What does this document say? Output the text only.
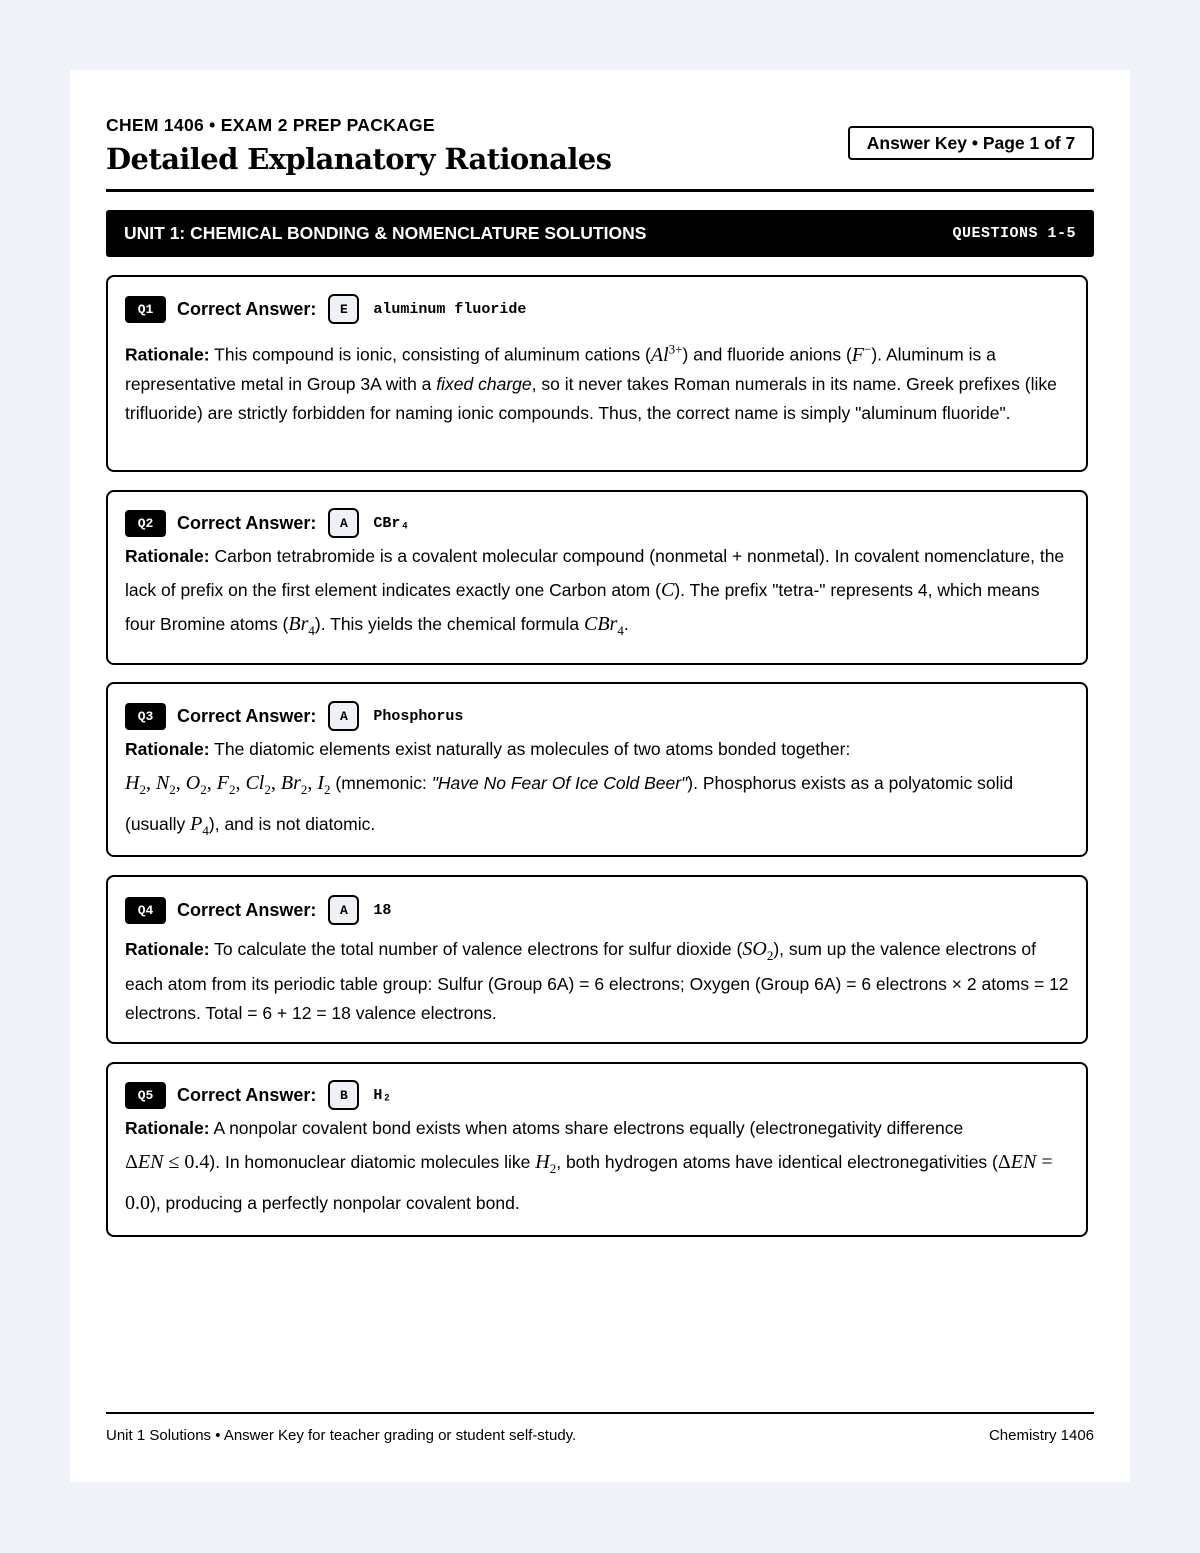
CHEM 1406 • EXAM 2 PREP PACKAGE
Detailed Explanatory Rationales	Answer Key • Page 1 of 7
UNIT 1: CHEMICAL BONDING & NOMENCLATURE SOLUTIONS	QUESTIONS 1-5
Q1	Correct Answer:	E	aluminum fluoride

Rationale: This compound is ionic, consisting of aluminum cations $(Al^{3+})$ and fluoride anions (F−). Aluminum is a representative metal in Group 3A with a fixed charge, so it never takes Roman numerals in its name. Greek prefixes (like trifluoride) are strictly forbidden for naming ionic compounds. Thus, the correct name is simply "aluminum fluoride".

Q2	Correct Answer:	A	CBr₄

Rationale: Carbon tetrabromide is a covalent molecular compound (nonmetal + nonmetal). In covalent nomenclature, the lack of prefix on the first element indicates exactly one Carbon atom (C). The prefix "tetra-" represents 4, which means four Bromine atoms $(Br_4)$. This yields the chemical formula CBr$_4$.

Q3	Correct Answer:	A	Phosphorus

Rationale: The diatomic elements exist naturally as molecules of two atoms bonded together:
$H_2$, $N_2$, $O_2$, $F_2$, $Cl_2$, $Br_2$, $I_2$ (mnemonic: "Have No Fear Of Ice Cold Beer"). Phosphorus exists as a polyatomic solid (usually $P_4$), and is not diatomic.

Q4	Correct Answer:	A	18

Rationale: To calculate the total number of valence electrons for sulfur dioxide $(SO_2)$, sum up the valence electrons of each atom from its periodic table group: Sulfur (Group 6A) = 6 electrons; Oxygen (Group 6A) = 6 electrons × 2 atoms = 12 electrons. Total = 6 + 12 = 18 valence electrons.

Q5	Correct Answer:	B	H₂

Rationale: A nonpolar covalent bond exists when atoms share electrons equally (electronegativity difference
ΔEN ≤ 0.4). In homonuclear diatomic molecules like $H_2$, both hydrogen atoms have identical electronegativities (ΔEN = 0.0), producing a perfectly nonpolar covalent bond.

Unit 1 Solutions • Answer Key for teacher grading or student self-study.	Chemistry 1406
